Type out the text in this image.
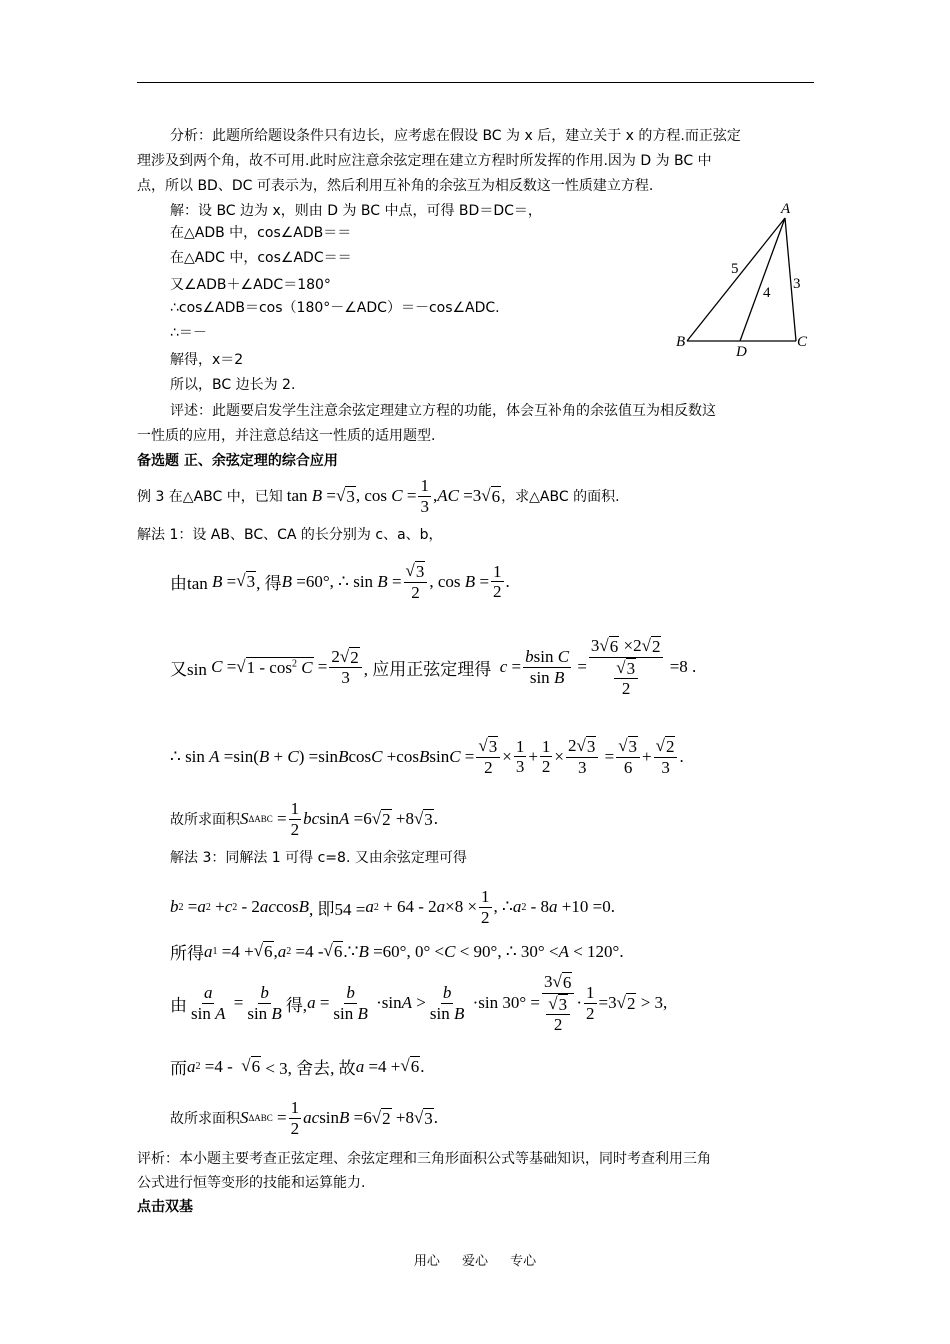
分析：此题所给题设条件只有边长，应考虑在假设 BC 为 x 后，建立关于 x 的方程.而正弦定
理涉及到两个角，故不可用.此时应注意余弦定理在建立方程时所发挥的作用.因为 D 为 BC 中
点，所以 BD、DC 可表示为，然后利用互补角的余弦互为相反数这一性质建立方程.
解：设 BC 边为 x，则由 D 为 BC 中点，可得 BD＝DC＝，
在△ADB 中，cos∠ADB＝＝
在△ADC 中，cos∠ADC＝＝
又∠ADB＋∠ADC＝180°
∴cos∠ADB＝cos（180°－∠ADC）＝－cos∠ADC.
∴＝－
解得，x＝2
所以，BC 边长为 2.
A
B	C
D
5
4
3
评述：此题要启发学生注意余弦定理建立方程的功能，体会互补角的余弦值互为相反数这
一性质的应用，并注意总结这一性质的适用题型.
备选题 正、余弦定理的综合应用
例 3 在△ABC 中，已知 tan B = √ 3 , $\cos C = \frac{1}{3}$ , AC =3 √ 6 ，求△ABC 的面积.
解法 1：设 AB、BC、CA 的长分别为 c、a、b，
由tan B = √ 3 , 得 B =60°, ∴ $\sin B = \frac{√ 3}{2}$ , $\cos B = \frac{1}{2}$ .
又sin C = √ $1 - \cos^2 C = \frac{2 √ 2}{3}$ , 应用正弦定理得 $c = \frac{\text{bsin C}}{\text{sin B}} = \frac{3 √ 6 \times 2 √ 2}{\frac{√ 3}{2}} =8$ .
∴ sin A =sin( B + C ) =sin B cos C +cos B $\sin C = \frac{√ 3}{2} \times \frac{1}{3} + \frac{1}{2} \times \frac{2 √ 3}{3} = \frac{√ 3}{6} + \frac{√ 2}{3}$ .
故所求面积 S $\Delta ABC = \frac{1}{2}$ bc sin A =6 √ 2 +8 √ 3 .
解法 3：同解法 1 可得 c=8. 又由余弦定理可得
b 2 = a 2 + c 2 - 2 ac cos B , 即54 = a 2 + 64 - 2 $a \times 8 \times \frac{1}{2}$ , ∴ a 2 - 8 a +10 =0.
所得 a 1 =4 + √ 6 , a 2 =4 - √ 6 .∵ B =60°, 0° < C < 90°, ∴ 30° < A < 120°.
由 $\frac{a}{\text{sin A}} = \frac{b}{\text{sin B}}$ 得, $a = \frac{b}{\text{sin B}} \cdot\sin$ $A > \frac{b}{\text{sin B}} \cdot\sin$ $30^\circ = \frac{3 √ 6}{\frac{√ 3}{2}} \cdot \frac{1}{2} =3$ √ 2 > 3,
而 a 2 =4 - √ 6 < 3, 舍去, 故 a =4 + √ 6 .
故所求面积 S $\Delta ABC = \frac{1}{2}$ ac sin B =6 √ 2 +8 √ 3 .
评析：本小题主要考查正弦定理、余弦定理和三角形面积公式等基础知识，同时考查利用三角
公式进行恒等变形的技能和运算能力.
点击双基
用心 爱心 专心
